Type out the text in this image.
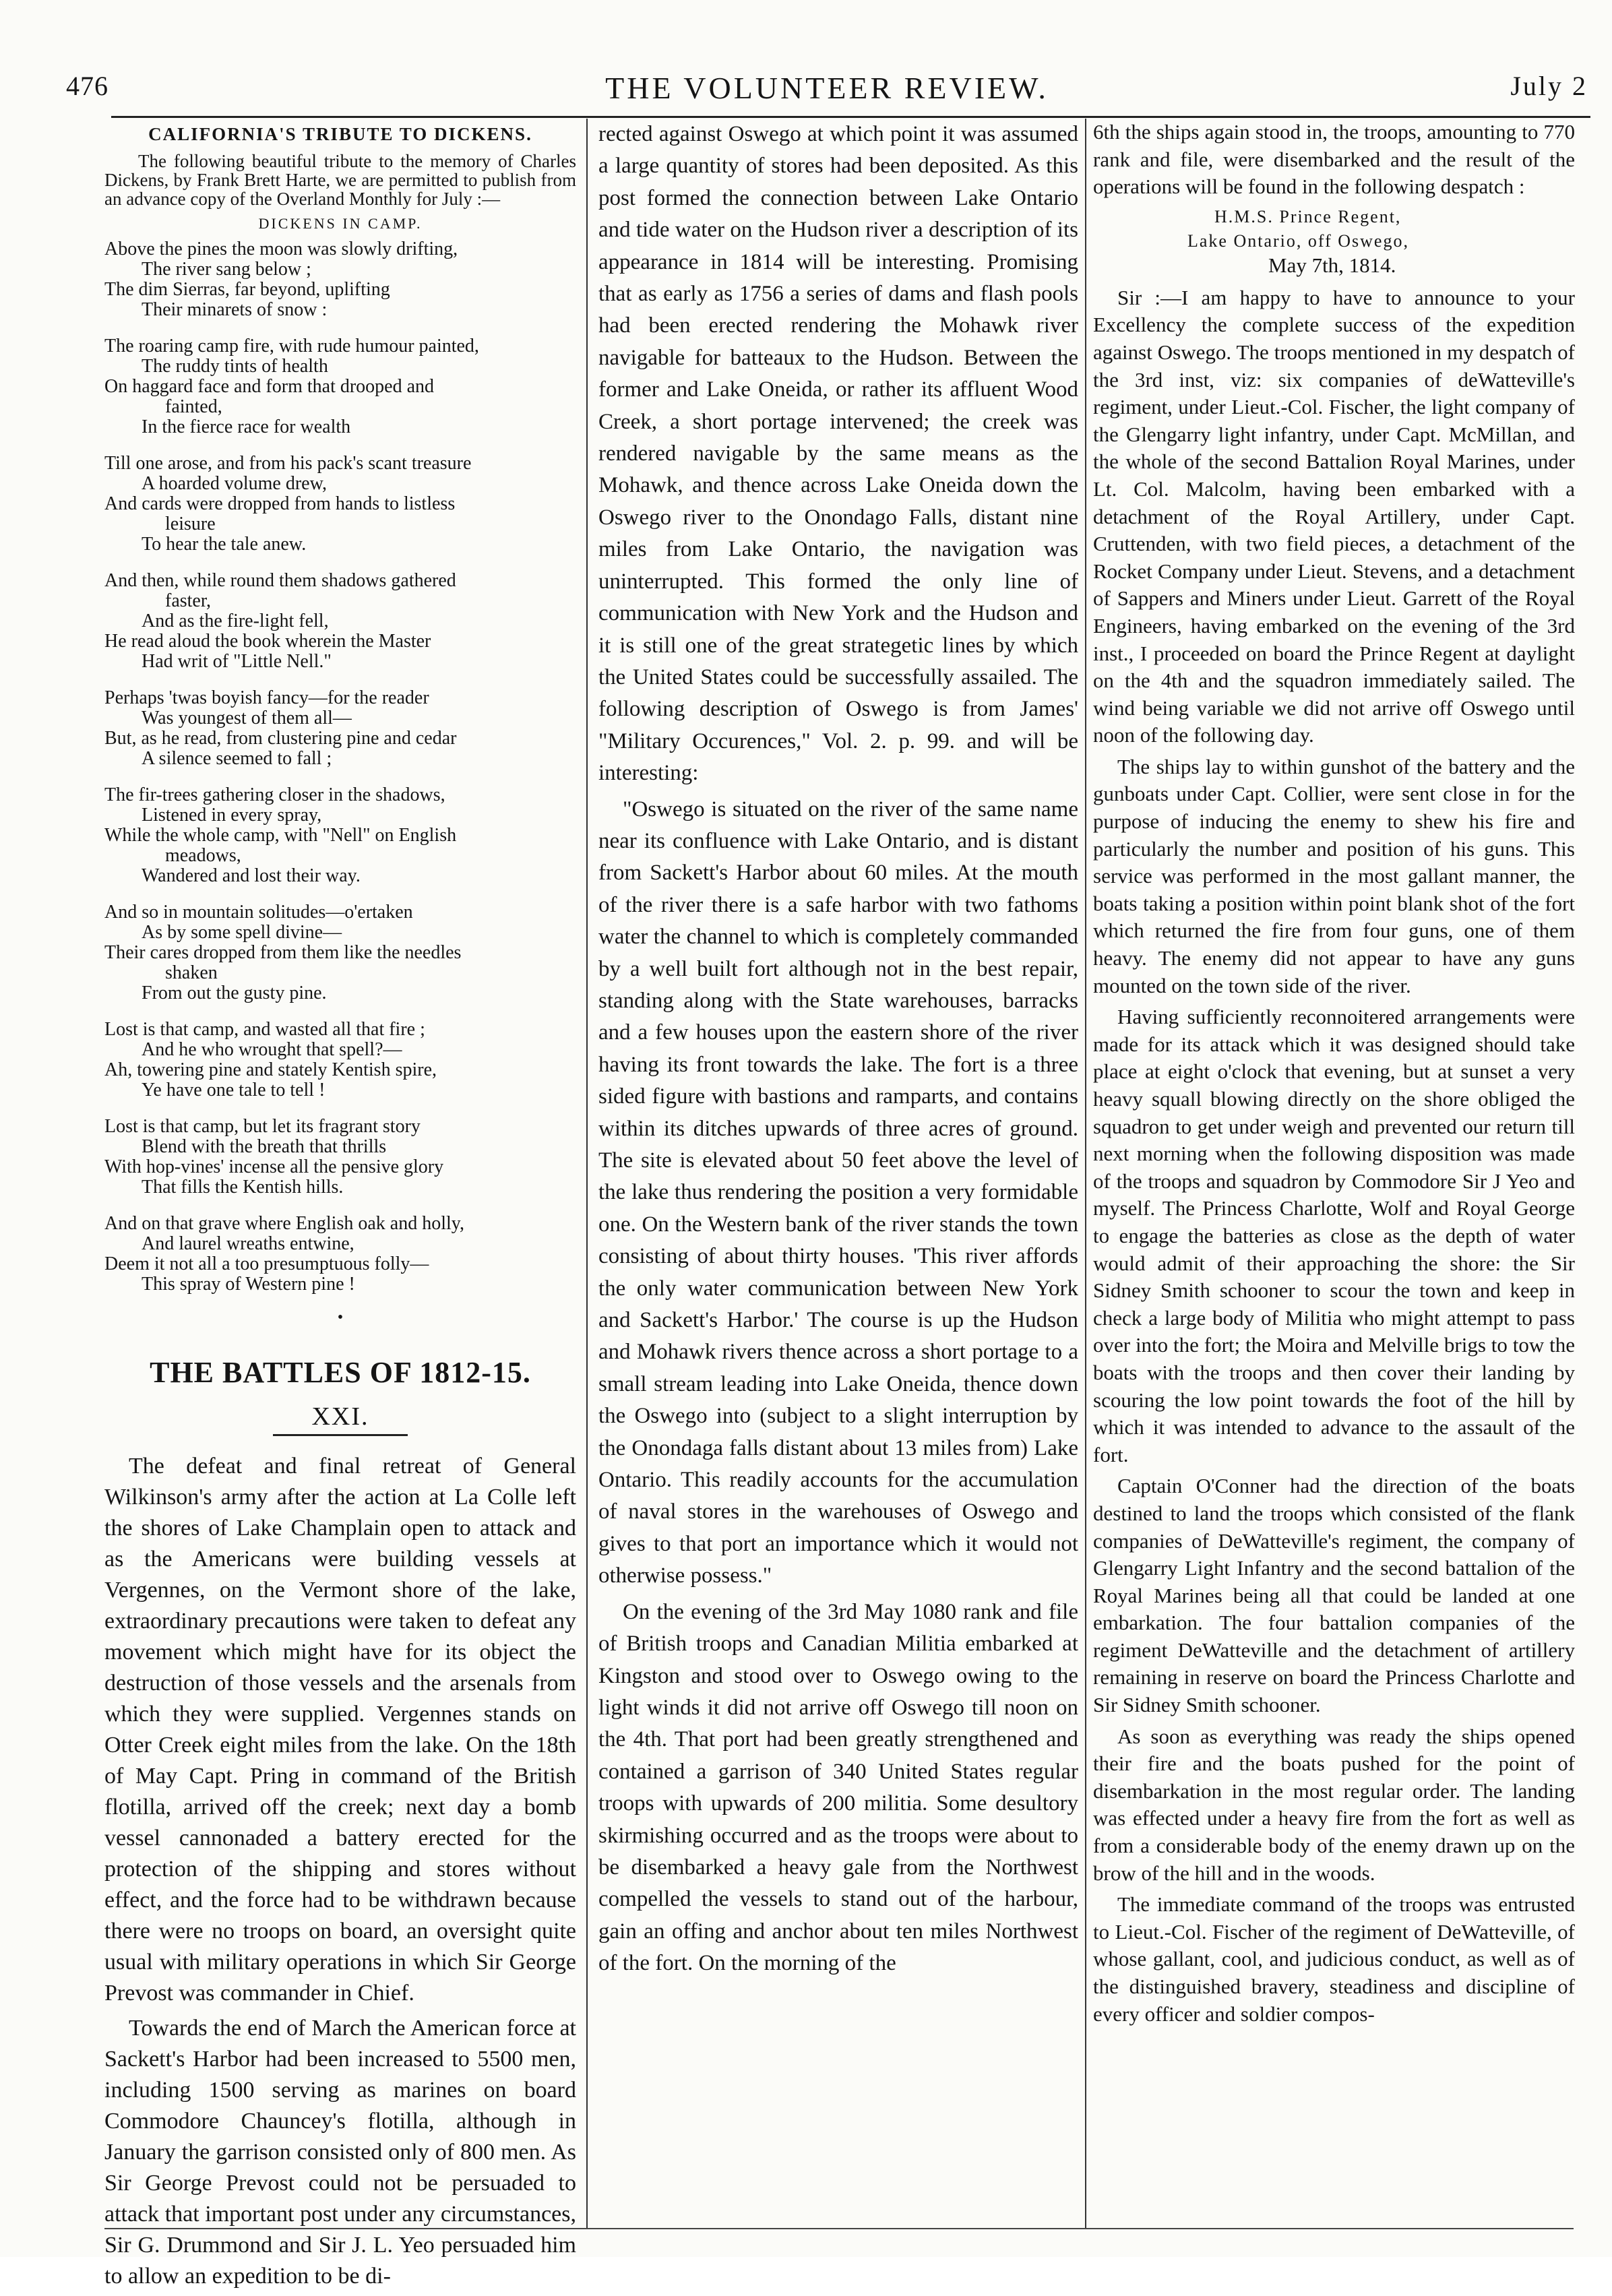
THE VOLUNTEER REVIEW.
476	July 2
CALIFORNIA'S TRIBUTE TO DICKENS.
The following beautiful tribute to the memory of Charles Dickens, by Frank Brett Harte, we are permitted to publish from an advance copy of the Overland Monthly for July :—
DICKENS IN CAMP.
Above the pines the moon was slowly drifting,
The river sang below ;
The dim Sierras, far beyond, uplifting
Their minarets of snow :
The roaring camp fire, with rude humour painted,
The ruddy tints of health
On haggard face and form that drooped and
fainted,
In the fierce race for wealth
Till one arose, and from his pack's scant treasure
A hoarded volume drew,
And cards were dropped from hands to listless
leisure
To hear the tale anew.
And then, while round them shadows gathered
faster,
And as the fire-light fell,
He read aloud the book wherein the Master
Had writ of "Little Nell."
Perhaps 'twas boyish fancy—for the reader
Was youngest of them all—
But, as he read, from clustering pine and cedar
A silence seemed to fall ;
The fir-trees gathering closer in the shadows,
Listened in every spray,
While the whole camp, with "Nell" on English
meadows,
Wandered and lost their way.
And so in mountain solitudes—o'ertaken
As by some spell divine—
Their cares dropped from them like the needles
shaken
From out the gusty pine.
Lost is that camp, and wasted all that fire ;
And he who wrought that spell?—
Ah, towering pine and stately Kentish spire,
Ye have one tale to tell !
Lost is that camp, but let its fragrant story
Blend with the breath that thrills
With hop-vines' incense all the pensive glory
That fills the Kentish hills.
And on that grave where English oak and holly,
And laurel wreaths entwine,
Deem it not all a too presumptuous folly—
This spray of Western pine !
•
THE BATTLES OF 1812-15.
XXI.

The defeat and final retreat of General Wilkinson's army after the action at La Colle left the shores of Lake Champlain open to attack and as the Americans were building vessels at Vergennes, on the Vermont shore of the lake, extraordinary precautions were taken to defeat any movement which might have for its object the destruction of those vessels and the arsenals from which they were supplied. Vergennes stands on Otter Creek eight miles from the lake. On the 18th of May Capt. Pring in command of the British flotilla, arrived off the creek; next day a bomb vessel cannonaded a battery erected for the protection of the shipping and stores without effect, and the force had to be withdrawn because there were no troops on board, an oversight quite usual with military operations in which Sir George Prevost was commander in Chief.

Towards the end of March the American force at Sackett's Harbor had been increased to 5500 men, including 1500 serving as marines on board Commodore Chauncey's flotilla, although in January the garrison consisted only of 800 men. As Sir George Prevost could not be persuaded to attack that important post under any circumstances, Sir G. Drummond and Sir J. L. Yeo persuaded him to allow an expedition to be di-

rected against Oswego at which point it was assumed a large quantity of stores had been deposited. As this post formed the connection between Lake Ontario and tide water on the Hudson river a description of its appearance in 1814 will be interesting. Promising that as early as 1756 a series of dams and flash pools had been erected rendering the Mohawk river navigable for batteaux to the Hudson. Between the former and Lake Oneida, or rather its affluent Wood Creek, a short portage intervened; the creek was rendered navigable by the same means as the Mohawk, and thence across Lake Oneida down the Oswego river to the Onondago Falls, distant nine miles from Lake Ontario, the navigation was uninterrupted. This formed the only line of communication with New York and the Hudson and it is still one of the great strategetic lines by which the United States could be successfully assailed. The following description of Oswego is from James' "Military Occurences," Vol. 2. p. 99. and will be interesting:

"Oswego is situated on the river of the same name near its confluence with Lake Ontario, and is distant from Sackett's Harbor about 60 miles. At the mouth of the river there is a safe harbor with two fathoms water the channel to which is completely commanded by a well built fort although not in the best repair, standing along with the State warehouses, barracks and a few houses upon the eastern shore of the river having its front towards the lake. The fort is a three sided figure with bastions and ramparts, and contains within its ditches upwards of three acres of ground. The site is elevated about 50 feet above the level of the lake thus rendering the position a very formidable one. On the Western bank of the river stands the town consisting of about thirty houses. 'This river affords the only water communication between New York and Sackett's Harbor.' The course is up the Hudson and Mohawk rivers thence across a short portage to a small stream leading into Lake Oneida, thence down the Oswego into (subject to a slight interruption by the Onondaga falls distant about 13 miles from) Lake Ontario. This readily accounts for the accumulation of naval stores in the warehouses of Oswego and gives to that port an importance which it would not otherwise possess."

On the evening of the 3rd May 1080 rank and file of British troops and Canadian Militia embarked at Kingston and stood over to Oswego owing to the light winds it did not arrive off Oswego till noon on the 4th. That port had been greatly strengthened and contained a garrison of 340 United States regular troops with upwards of 200 militia. Some desultory skirmishing occurred and as the troops were about to be disembarked a heavy gale from the Northwest compelled the vessels to stand out of the harbour, gain an offing and anchor about ten miles Northwest of the fort. On the morning of the

6th the ships again stood in, the troops, amounting to 770 rank and file, were disembarked and the result of the operations will be found in the following despatch :

H.M.S. Prince Regent,
Lake Ontario, off Oswego,
May 7th, 1814.

Sir :—I am happy to have to announce to your Excellency the complete success of the expedition against Oswego. The troops mentioned in my despatch of the 3rd inst, viz: six companies of deWatteville's regiment, under Lieut.-Col. Fischer, the light company of the Glengarry light infantry, under Capt. McMillan, and the whole of the second Battalion Royal Marines, under Lt. Col. Malcolm, having been embarked with a detachment of the Royal Artillery, under Capt. Cruttenden, with two field pieces, a detachment of the Rocket Company under Lieut. Stevens, and a detachment of Sappers and Miners under Lieut. Garrett of the Royal Engineers, having embarked on the evening of the 3rd inst., I proceeded on board the Prince Regent at daylight on the 4th and the squadron immediately sailed. The wind being variable we did not arrive off Oswego until noon of the following day.

The ships lay to within gunshot of the battery and the gunboats under Capt. Collier, were sent close in for the purpose of inducing the enemy to shew his fire and particularly the number and position of his guns. This service was performed in the most gallant manner, the boats taking a position within point blank shot of the fort which returned the fire from four guns, one of them heavy. The enemy did not appear to have any guns mounted on the town side of the river.

Having sufficiently reconnoitered arrangements were made for its attack which it was designed should take place at eight o'clock that evening, but at sunset a very heavy squall blowing directly on the shore obliged the squadron to get under weigh and prevented our return till next morning when the following disposition was made of the troops and squadron by Commodore Sir J Yeo and myself. The Princess Charlotte, Wolf and Royal George to engage the batteries as close as the depth of water would admit of their approaching the shore: the Sir Sidney Smith schooner to scour the town and keep in check a large body of Militia who might attempt to pass over into the fort; the Moira and Melville brigs to tow the boats with the troops and then cover their landing by scouring the low point towards the foot of the hill by which it was intended to advance to the assault of the fort.

Captain O'Conner had the direction of the boats destined to land the troops which consisted of the flank companies of DeWatteville's regiment, the company of Glengarry Light Infantry and the second battalion of the Royal Marines being all that could be landed at one embarkation. The four battalion companies of the regiment DeWatteville and the detachment of artillery remaining in reserve on board the Princess Charlotte and Sir Sidney Smith schooner.

As soon as everything was ready the ships opened their fire and the boats pushed for the point of disembarkation in the most regular order. The landing was effected under a heavy fire from the fort as well as from a considerable body of the enemy drawn up on the brow of the hill and in the woods.

The immediate command of the troops was entrusted to Lieut.-Col. Fischer of the regiment of DeWatteville, of whose gallant, cool, and judicious conduct, as well as of the distinguished bravery, steadiness and discipline of every officer and soldier compos-
